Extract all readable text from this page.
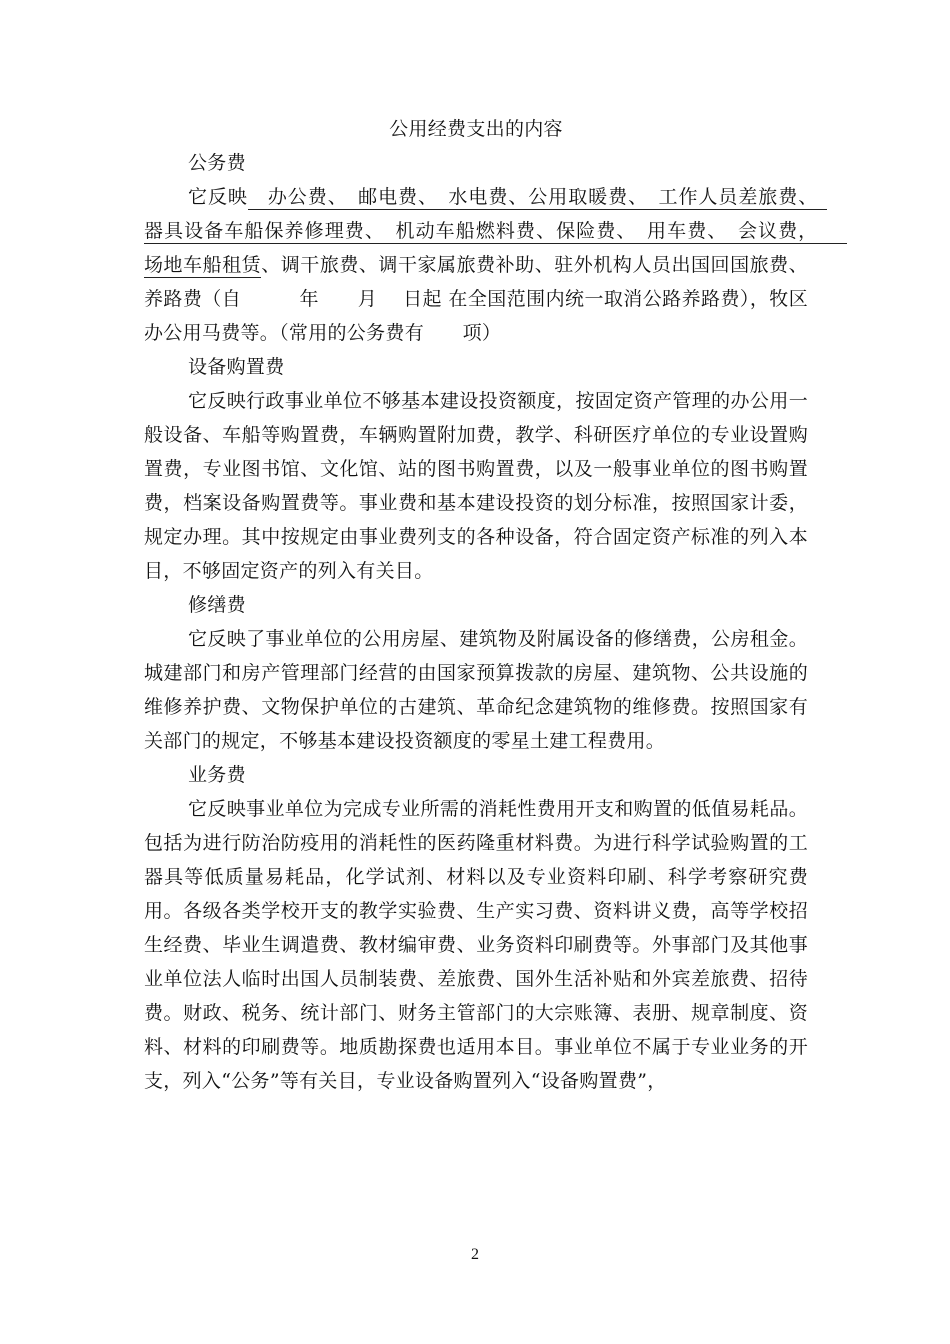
公用经费支出的内容

公务费

它反映　办公费、　邮电费、　水电费、公用取暖费、　工作人员差旅费、　器具设备车船保养修理费、　机动车船燃料费、保险费、　用车费、　会议费，　　场地车船租赁、调干旅费、调干家属旅费补助、驻外机构人员出国回国旅费、养路费（自　　　年　　月　 日起 在全国范围内统一取消公路养路费），牧区办公用马费等。（常用的公务费有　　项）

设备购置费

它反映行政事业单位不够基本建设投资额度，按固定资产管理的办公用一般设备、车船等购置费，车辆购置附加费，教学、科研医疗单位的专业设置购置费，专业图书馆、文化馆、站的图书购置费，以及一般事业单位的图书购置费，档案设备购置费等。事业费和基本建设投资的划分标准，按照国家计委，规定办理。其中按规定由事业费列支的各种设备，符合固定资产标准的列入本目，不够固定资产的列入有关目。

修缮费

它反映了事业单位的公用房屋、建筑物及附属设备的修缮费，公房租金。城建部门和房产管理部门经营的由国家预算拨款的房屋、建筑物、公共设施的维修养护费、文物保护单位的古建筑、革命纪念建筑物的维修费。按照国家有关部门的规定，不够基本建设投资额度的零星土建工程费用。

业务费

它反映事业单位为完成专业所需的消耗性费用开支和购置的低值易耗品。包括为进行防治防疫用的消耗性的医药隆重材料费。为进行科学试验购置的工器具等低质量易耗品，化学试剂、材料以及专业资料印刷、科学考察研究费用。各级各类学校开支的教学实验费、生产实习费、资料讲义费，高等学校招生经费、毕业生调遣费、教材编审费、业务资料印刷费等。外事部门及其他事业单位法人临时出国人员制装费、差旅费、国外生活补贴和外宾差旅费、招待费。财政、税务、统计部门、财务主管部门的大宗账簿、表册、规章制度、资料、材料的印刷费等。地质勘探费也适用本目。事业单位不属于专业业务的开支，列入“公务”等有关目，专业设备购置列入“设备购置费”，

2
